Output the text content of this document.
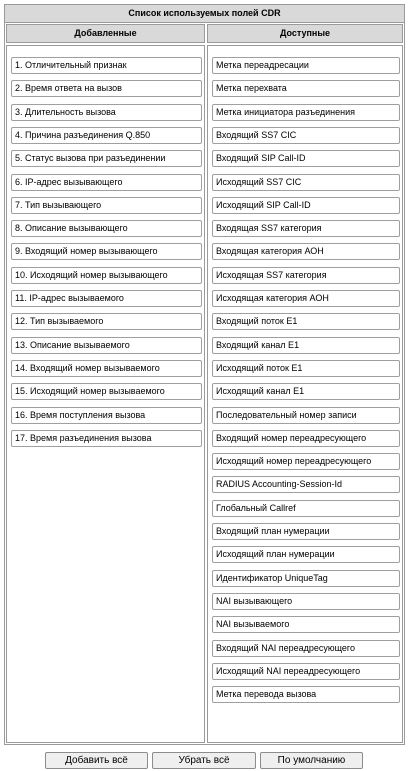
Список используемых полей CDR
Добавленные	Доступные
1. Отличительный признак
2. Время ответа на вызов
3. Длительность вызова
4. Причина разъединения Q.850
5. Статус вызова при разъединении
6. IP-адрес вызывающего
7. Тип вызывающего
8. Описание вызывающего
9. Входящий номер вызывающего
10. Исходящий номер вызывающего
11. IP-адрес вызываемого
12. Тип вызываемого
13. Описание вызываемого
14. Входящий номер вызываемого
15. Исходящий номер вызываемого
16. Время поступления вызова
17. Время разъединения вызова
Метка переадресации
Метка перехвата
Метка инициатора разъединения
Входящий SS7 CIC
Входящий SIP Call-ID
Исходящий SS7 CIC
Исходящий SIP Call-ID
Входящая SS7 категория
Входящая категория АОН
Исходящая SS7 категория
Исходящая категория АОН
Входящий поток E1
Входящий канал E1
Исходящий поток E1
Исходящий канал E1
Последовательный номер записи
Входящий номер переадресующего
Исходящий номер переадресующего
RADIUS Accounting-Session-Id
Глобальный Callref
Входящий план нумерации
Исходящий план нумерации
Идентификатор UniqueTag
NAI вызывающего
NAI вызываемого
Входящий NAI переадресующего
Исходящий NAI переадресующего
Метка перевода вызова
Добавить всё	Убрать всё	По умолчанию
